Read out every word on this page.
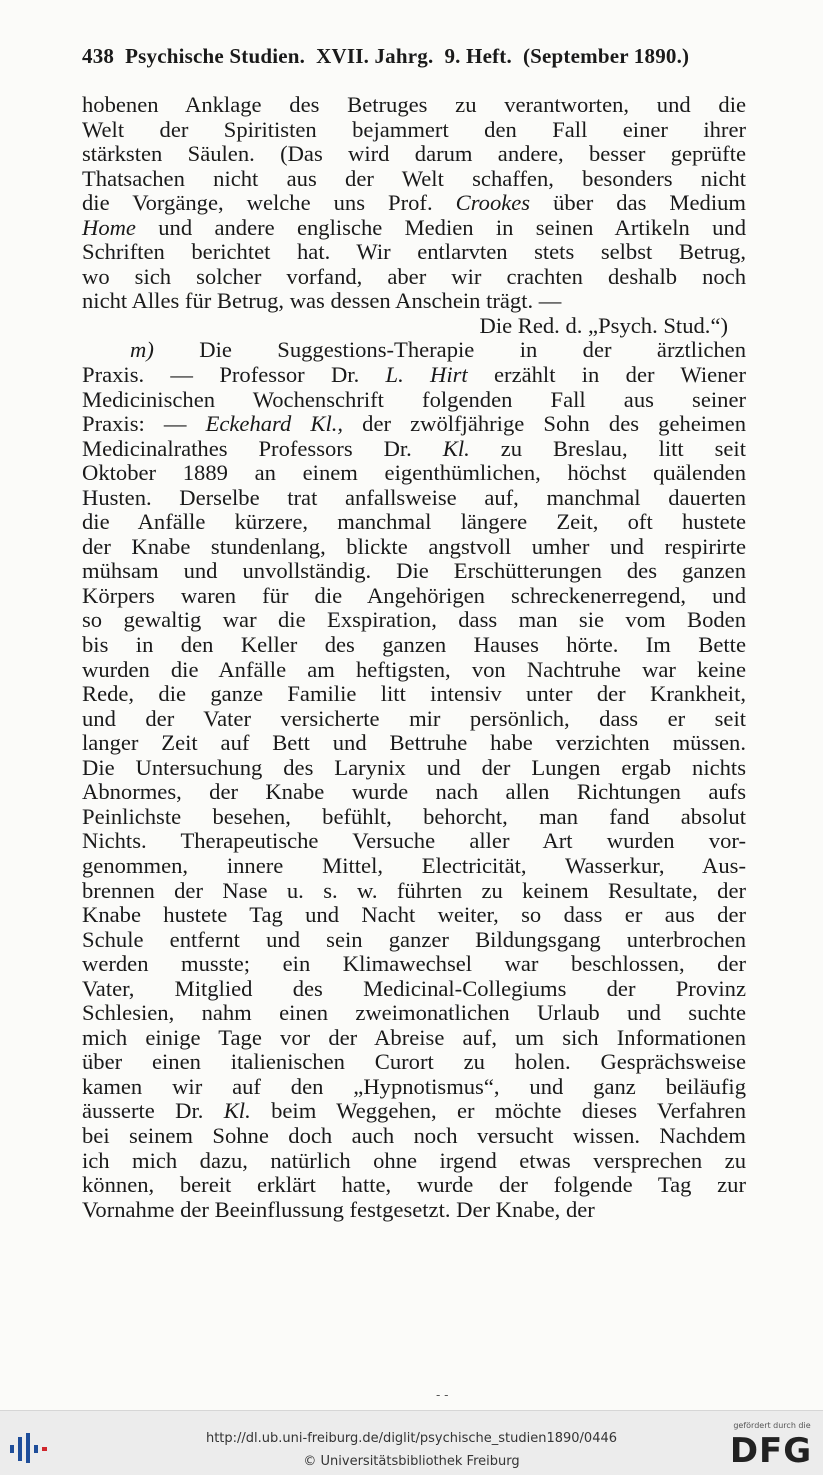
438 Psychische Studien. XVII. Jahrg. 9. Heft. (September 1890.)
hobenen Anklage des Betruges zu verantworten, und die
Welt der Spiritisten bejammert den Fall einer ihrer
stärksten Säulen. (Das wird darum andere, besser geprüfte
Thatsachen nicht aus der Welt schaffen, besonders nicht
die Vorgänge, welche uns Prof. Crookes über das Medium
Home und andere englische Medien in seinen Artikeln und
Schriften berichtet hat. Wir entlarvten stets selbst Betrug,
wo sich solcher vorfand, aber wir crachten deshalb noch
nicht Alles für Betrug, was dessen Anschein trägt. —
Die Red. d. „Psych. Stud.“)
m) Die Suggestions-Therapie in der ärztlichen
Praxis. — Professor Dr. L. Hirt erzählt in der Wiener
Medicinischen Wochenschrift folgenden Fall aus seiner
Praxis: — Eckehard Kl., der zwölfjährige Sohn des geheimen
Medicinalrathes Professors Dr. Kl. zu Breslau, litt seit
Oktober 1889 an einem eigenthümlichen, höchst quälenden
Husten. Derselbe trat anfallsweise auf, manchmal dauerten
die Anfälle kürzere, manchmal längere Zeit, oft hustete
der Knabe stundenlang, blickte angstvoll umher und respirirte
mühsam und unvollständig. Die Erschütterungen des ganzen
Körpers waren für die Angehörigen schreckenerregend, und
so gewaltig war die Exspiration, dass man sie vom Boden
bis in den Keller des ganzen Hauses hörte. Im Bette
wurden die Anfälle am heftigsten, von Nachtruhe war keine
Rede, die ganze Familie litt intensiv unter der Krankheit,
und der Vater versicherte mir persönlich, dass er seit
langer Zeit auf Bett und Bettruhe habe verzichten müssen.
Die Untersuchung des Larynix und der Lungen ergab nichts
Abnormes, der Knabe wurde nach allen Richtungen aufs
Peinlichste besehen, befühlt, behorcht, man fand absolut
Nichts. Therapeutische Versuche aller Art wurden vor-
genommen, innere Mittel, Electricität, Wasserkur, Aus-
brennen der Nase u. s. w. führten zu keinem Resultate, der
Knabe hustete Tag und Nacht weiter, so dass er aus der
Schule entfernt und sein ganzer Bildungsgang unterbrochen
werden musste; ein Klimawechsel war beschlossen, der
Vater, Mitglied des Medicinal-Collegiums der Provinz
Schlesien, nahm einen zweimonatlichen Urlaub und suchte
mich einige Tage vor der Abreise auf, um sich Informationen
über einen italienischen Curort zu holen. Gesprächsweise
kamen wir auf den „Hypnotismus“, und ganz beiläufig
äusserte Dr. Kl. beim Weggehen, er möchte dieses Verfahren
bei seinem Sohne doch auch noch versucht wissen. Nachdem
ich mich dazu, natürlich ohne irgend etwas versprechen zu
können, bereit erklärt hatte, wurde der folgende Tag zur
Vornahme der Beeinflussung festgesetzt. Der Knabe, der
- -
http://dl.ub.uni-freiburg.de/diglit/psychische_studien1890/0446
© Universitätsbibliothek Freiburg
gefördert durch die
DFG
